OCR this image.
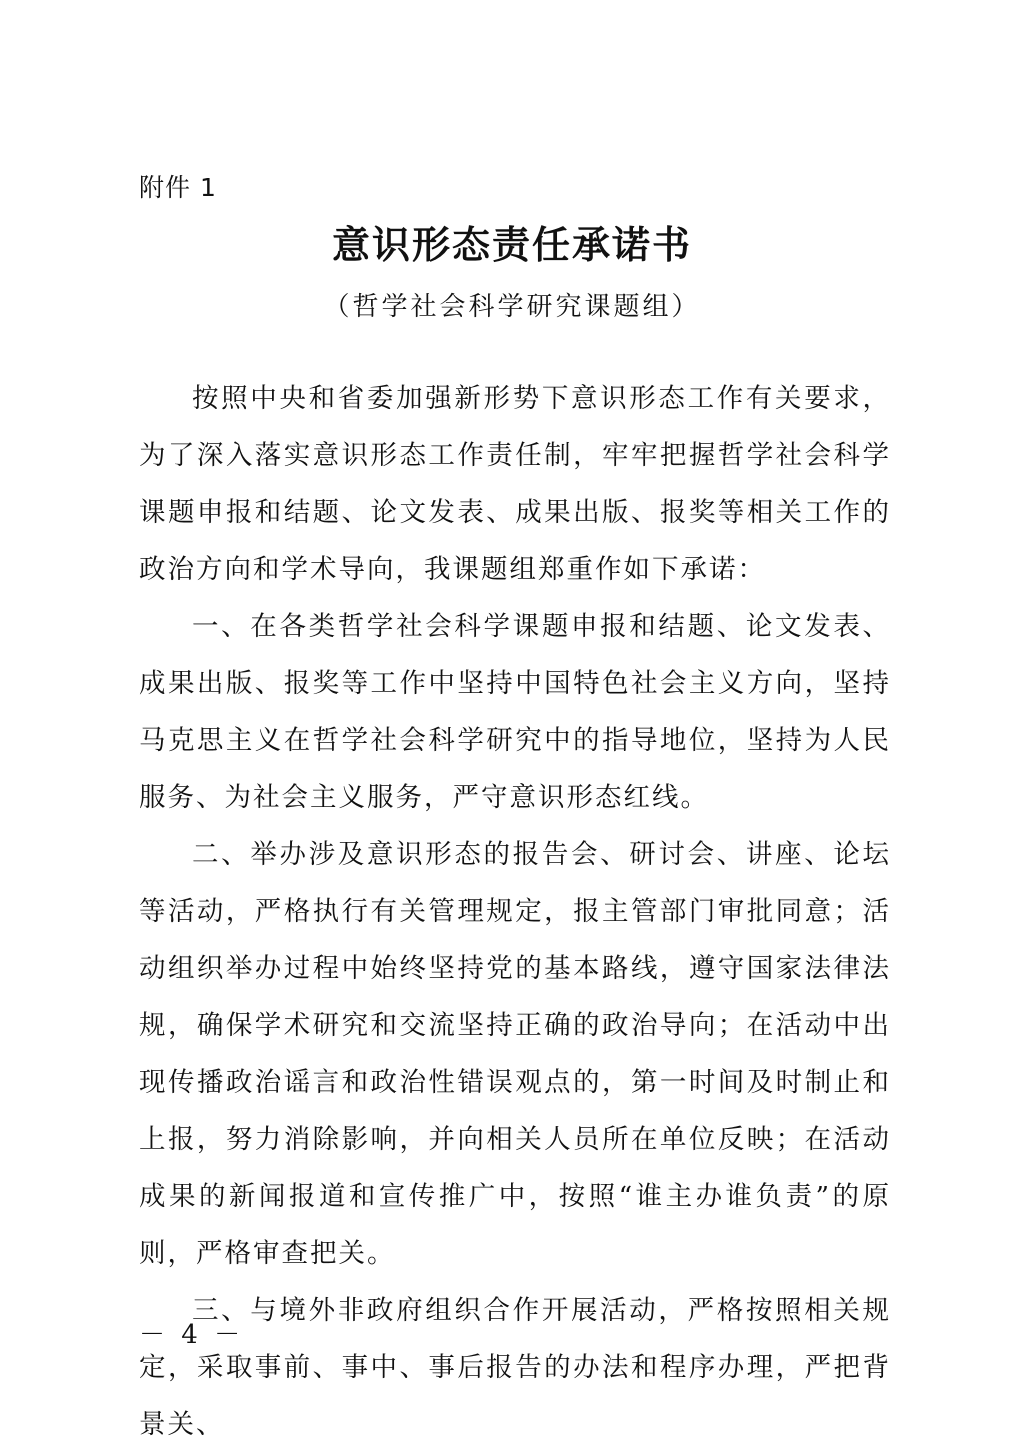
附件 1
意识形态责任承诺书
（哲学社会科学研究课题组）

按照中央和省委加强新形势下意识形态工作有关要求，为了深入落实意识形态工作责任制，牢牢把握哲学社会科学课题申报和结题、论文发表、成果出版、报奖等相关工作的政治方向和学术导向，我课题组郑重作如下承诺：

一、在各类哲学社会科学课题申报和结题、论文发表、成果出版、报奖等工作中坚持中国特色社会主义方向，坚持马克思主义在哲学社会科学研究中的指导地位，坚持为人民服务、为社会主义服务，严守意识形态红线。

二、举办涉及意识形态的报告会、研讨会、讲座、论坛等活动，严格执行有关管理规定，报主管部门审批同意；活动组织举办过程中始终坚持党的基本路线，遵守国家法律法规，确保学术研究和交流坚持正确的政治导向；在活动中出现传播政治谣言和政治性错误观点的，第一时间及时制止和上报，努力消除影响，并向相关人员所在单位反映；在活动成果的新闻报道和宣传推广中，按照“谁主办谁负责”的原则，严格审查把关。

三、与境外非政府组织合作开展活动，严格按照相关规定，采取事前、事中、事后报告的办法和程序办理，严把背景关、

－ 4 －
